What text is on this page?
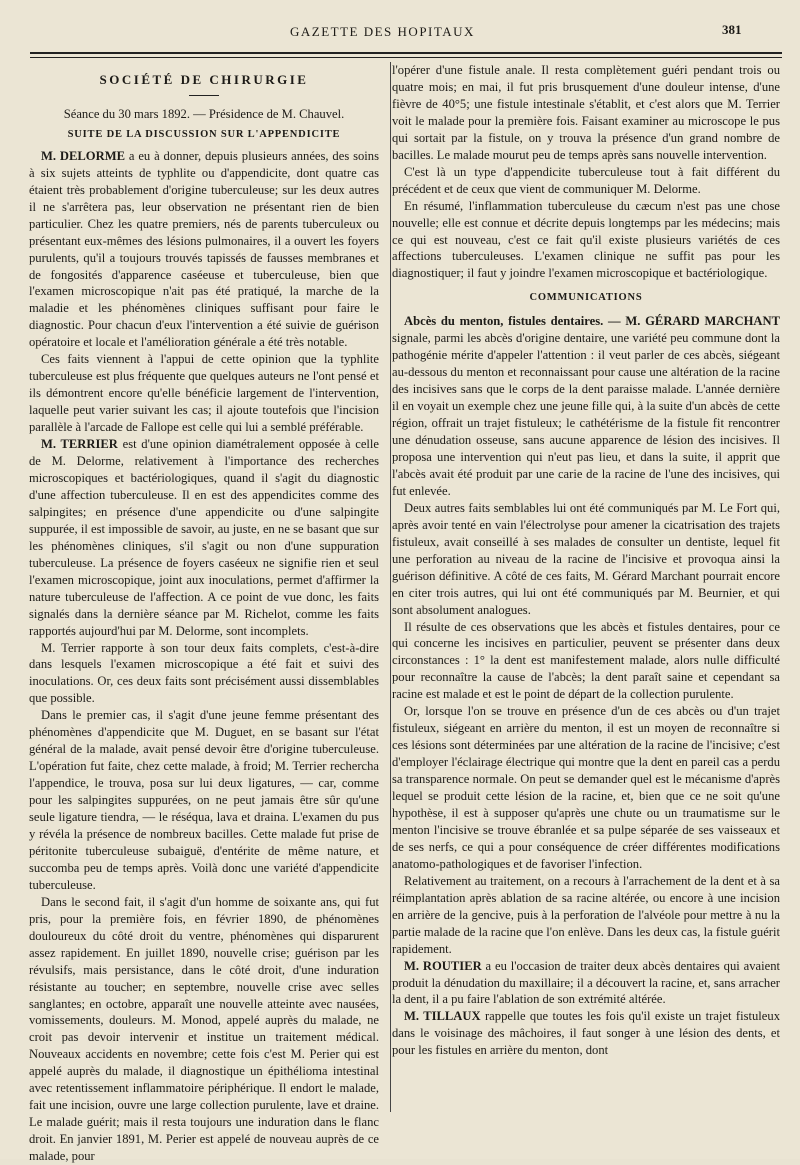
GAZETTE DES HOPITAUX	381
SOCIÉTÉ DE CHIRURGIE
Séance du 30 mars 1892. — Présidence de M. Chauvel.
SUITE DE LA DISCUSSION SUR L'APPENDICITE

M. DELORME a eu à donner, depuis plusieurs années, des soins à six sujets atteints de typhlite ou d'appendicite, dont quatre cas étaient très probablement d'origine tuberculeuse; sur les deux autres il ne s'arrêtera pas, leur observation ne présentant rien de bien particulier. Chez les quatre premiers, nés de parents tuberculeux ou présentant eux-mêmes des lésions pulmonaires, il a ouvert les foyers purulents, qu'il a toujours trouvés tapissés de fausses membranes et de fongosités d'apparence caséeuse et tuberculeuse, bien que l'examen microscopique n'ait pas été pratiqué, la marche de la maladie et les phénomènes cliniques suffisant pour faire le diagnostic. Pour chacun d'eux l'intervention a été suivie de guérison opératoire et locale et l'amélioration générale a été très notable.

Ces faits viennent à l'appui de cette opinion que la typhlite tuberculeuse est plus fréquente que quelques auteurs ne l'ont pensé et ils démontrent encore qu'elle bénéficie largement de l'intervention, laquelle peut varier suivant les cas; il ajoute toutefois que l'incision parallèle à l'arcade de Fallope est celle qui lui a semblé préférable.

M. TERRIER est d'une opinion diamétralement opposée à celle de M. Delorme, relativement à l'importance des recherches microscopiques et bactériologiques, quand il s'agit du diagnostic d'une affection tuberculeuse. Il en est des appendicites comme des salpingites; en présence d'une appendicite ou d'une salpingite suppurée, il est impossible de savoir, au juste, en ne se basant que sur les phénomènes cliniques, s'il s'agit ou non d'une suppuration tuberculeuse. La présence de foyers caséeux ne signifie rien et seul l'examen microscopique, joint aux inoculations, permet d'affirmer la nature tuberculeuse de l'affection. A ce point de vue donc, les faits signalés dans la dernière séance par M. Richelot, comme les faits rapportés aujourd'hui par M. Delorme, sont incomplets.

M. Terrier rapporte à son tour deux faits complets, c'est-à-dire dans lesquels l'examen microscopique a été fait et suivi des inoculations. Or, ces deux faits sont précisément aussi dissemblables que possible.

Dans le premier cas, il s'agit d'une jeune femme présentant des phénomènes d'appendicite que M. Duguet, en se basant sur l'état général de la malade, avait pensé devoir être d'origine tuberculeuse. L'opération fut faite, chez cette malade, à froid; M. Terrier rechercha l'appendice, le trouva, posa sur lui deux ligatures, — car, comme pour les salpingites suppurées, on ne peut jamais être sûr qu'une seule ligature tiendra, — le réséqua, lava et draina. L'examen du pus y révéla la présence de nombreux bacilles. Cette malade fut prise de péritonite tuberculeuse subaiguë, d'entérite de même nature, et succomba peu de temps après. Voilà donc une variété d'appendicite tuberculeuse.

Dans le second fait, il s'agit d'un homme de soixante ans, qui fut pris, pour la première fois, en février 1890, de phénomènes douloureux du côté droit du ventre, phénomènes qui disparurent assez rapidement. En juillet 1890, nouvelle crise; guérison par les révulsifs, mais persistance, dans le côté droit, d'une induration résistante au toucher; en septembre, nouvelle crise avec selles sanglantes; en octobre, apparaît une nouvelle atteinte avec nausées, vomissements, douleurs. M. Monod, appelé auprès du malade, ne croit pas devoir intervenir et institue un traitement médical. Nouveaux accidents en novembre; cette fois c'est M. Perier qui est appelé auprès du malade, il diagnostique un épithélioma intestinal avec retentissement inflammatoire périphérique. Il endort le malade, fait une incision, ouvre une large collection purulente, lave et draine. Le malade guérit; mais il resta toujours une induration dans le flanc droit. En janvier 1891, M. Perier est appelé de nouveau auprès de ce malade, pour

l'opérer d'une fistule anale. Il resta complètement guéri pendant trois ou quatre mois; en mai, il fut pris brusquement d'une douleur intense, d'une fièvre de 40°5; une fistule intestinale s'établit, et c'est alors que M. Terrier voit le malade pour la première fois. Faisant examiner au microscope le pus qui sortait par la fistule, on y trouva la présence d'un grand nombre de bacilles. Le malade mourut peu de temps après sans nouvelle intervention.

C'est là un type d'appendicite tuberculeuse tout à fait différent du précédent et de ceux que vient de communiquer M. Delorme.

En résumé, l'inflammation tuberculeuse du cæcum n'est pas une chose nouvelle; elle est connue et décrite depuis longtemps par les médecins; mais ce qui est nouveau, c'est ce fait qu'il existe plusieurs variétés de ces affections tuberculeuses. L'examen clinique ne suffit pas pour les diagnostiquer; il faut y joindre l'examen microscopique et bactériologique.

COMMUNICATIONS

Abcès du menton, fistules dentaires. — M. GÉRARD MARCHANT signale, parmi les abcès d'origine dentaire, une variété peu commune dont la pathogénie mérite d'appeler l'attention : il veut parler de ces abcès, siégeant au-dessous du menton et reconnaissant pour cause une altération de la racine des incisives sans que le corps de la dent paraisse malade. L'année dernière il en voyait un exemple chez une jeune fille qui, à la suite d'un abcès de cette région, offrait un trajet fistuleux; le cathétérisme de la fistule fit rencontrer une dénudation osseuse, sans aucune apparence de lésion des incisives. Il proposa une intervention qui n'eut pas lieu, et dans la suite, il apprit que l'abcès avait été produit par une carie de la racine de l'une des incisives, qui fut enlevée.

Deux autres faits semblables lui ont été communiqués par M. Le Fort qui, après avoir tenté en vain l'électrolyse pour amener la cicatrisation des trajets fistuleux, avait conseillé à ses malades de consulter un dentiste, lequel fit une perforation au niveau de la racine de l'incisive et provoqua ainsi la guérison définitive. A côté de ces faits, M. Gérard Marchant pourrait encore en citer trois autres, qui lui ont été communiqués par M. Beurnier, et qui sont absolument analogues.

Il résulte de ces observations que les abcès et fistules dentaires, pour ce qui concerne les incisives en particulier, peuvent se présenter dans deux circonstances : 1° la dent est manifestement malade, alors nulle difficulté pour reconnaître la cause de l'abcès; la dent paraît saine et cependant sa racine est malade et est le point de départ de la collection purulente.

Or, lorsque l'on se trouve en présence d'un de ces abcès ou d'un trajet fistuleux, siégeant en arrière du menton, il est un moyen de reconnaître si ces lésions sont déterminées par une altération de la racine de l'incisive; c'est d'employer l'éclairage électrique qui montre que la dent en pareil cas a perdu sa transparence normale. On peut se demander quel est le mécanisme d'après lequel se produit cette lésion de la racine, et, bien que ce ne soit qu'une hypothèse, il est à supposer qu'après une chute ou un traumatisme sur le menton l'incisive se trouve ébranlée et sa pulpe séparée de ses vaisseaux et de ses nerfs, ce qui a pour conséquence de créer différentes modifications anatomo-pathologiques et de favoriser l'infection.

Relativement au traitement, on a recours à l'arrachement de la dent et à sa réimplantation après ablation de sa racine altérée, ou encore à une incision en arrière de la gencive, puis à la perforation de l'alvéole pour mettre à nu la partie malade de la racine que l'on enlève. Dans les deux cas, la fistule guérit rapidement.

M. ROUTIER a eu l'occasion de traiter deux abcès dentaires qui avaient produit la dénudation du maxillaire; il a découvert la racine, et, sans arracher la dent, il a pu faire l'ablation de son extrémité altérée.

M. TILLAUX rappelle que toutes les fois qu'il existe un trajet fistuleux dans le voisinage des mâchoires, il faut songer à une lésion des dents, et pour les fistules en arrière du menton, dont
